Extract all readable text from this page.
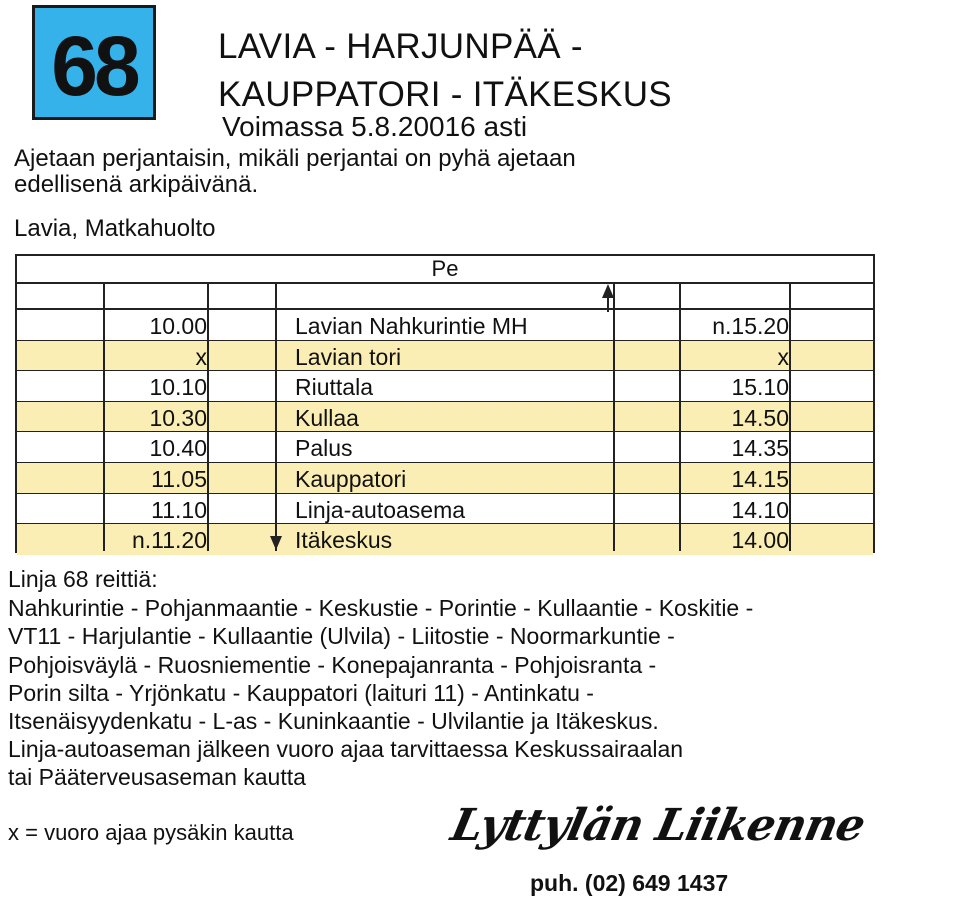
68 LAVIA - HARJUNPÄÄ -
KAUPPATORI - ITÄKESKUS
Voimassa 5.8.20016 asti
Ajetaan perjantaisin, mikäli perjantai on pyhä ajetaan
edellisenä arkipäivänä.
Lavia, Matkahuolto
Pe
10.00	Lavian Nahkurintie MH	n.15.20
x	Lavian tori	x
10.10	Riuttala	15.10
10.30	Kullaa	14.50
10.40	Palus	14.35
11.05	Kauppatori	14.15
11.10	Linja-autoasema	14.10
n.11.20	Itäkeskus	14.00
Linja 68 reittiä:
Nahkurintie - Pohjanmaantie - Keskustie - Porintie - Kullaantie - Koskitie -
VT11 - Harjulantie - Kullaantie (Ulvila) - Liitostie - Noormarkuntie -
Pohjoisväylä - Ruosniementie - Konepajanranta - Pohjoisranta -
Porin silta - Yrjönkatu - Kauppatori (laituri 11) - Antinkatu -
Itsenäisyydenkatu - L-as - Kuninkaantie - Ulvilantie ja Itäkeskus.
Linja-autoaseman jälkeen vuoro ajaa tarvittaessa Keskussairaalan
tai Pääterveusaseman kautta
x = vuoro ajaa pysäkin kautta	Lyttylän Liikenne
puh. (02) 649 1437
